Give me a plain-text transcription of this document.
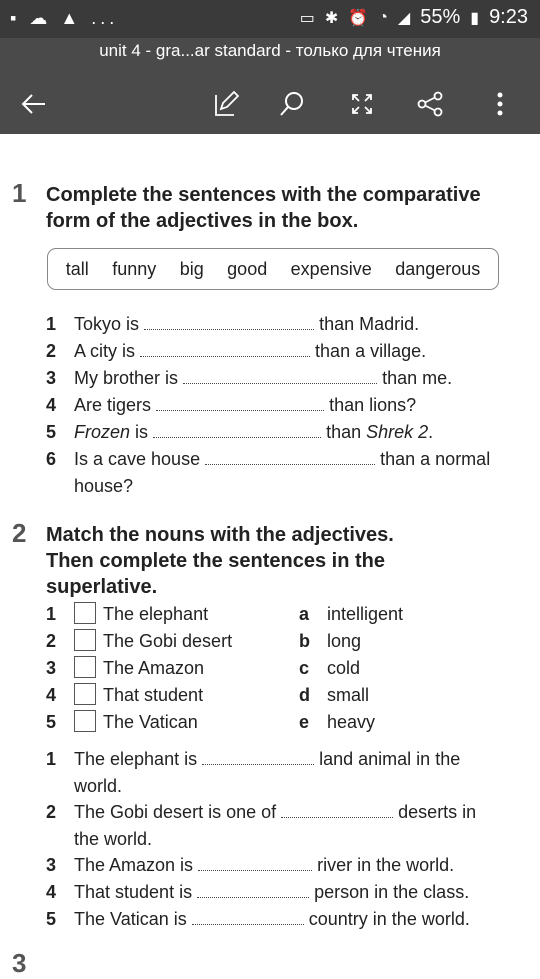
▪ ☁ ▲ ...	▭ ✱ ⏰ ◔ ◢ 55% ▮ 9:23
unit 4 - gra...ar standard - только для чтения
1 Complete the sentences with the comparative form of the adjectives in the box.
tall funny big good expensive dangerous
1 Tokyo is	than Madrid.
2 A city is	than a village.
3 My brother is	than me.
4 Are tigers	than lions?
5 Frozen is	than Shrek 2.
6 Is a cave house	than a normal
house?
2 Match the nouns with the adjectives. Then complete the sentences in the superlative.
1	The elephant	a intelligent
2	The Gobi desert	b long
3	The Amazon	c cold
4	That student	d small
5	The Vatican	e heavy
1 The elephant is	land animal in the
world.
2 The Gobi desert is one of	deserts in
the world.
3 The Amazon is	river in the world.
4 That student is	person in the class.
5 The Vatican is	country in the world.
3
